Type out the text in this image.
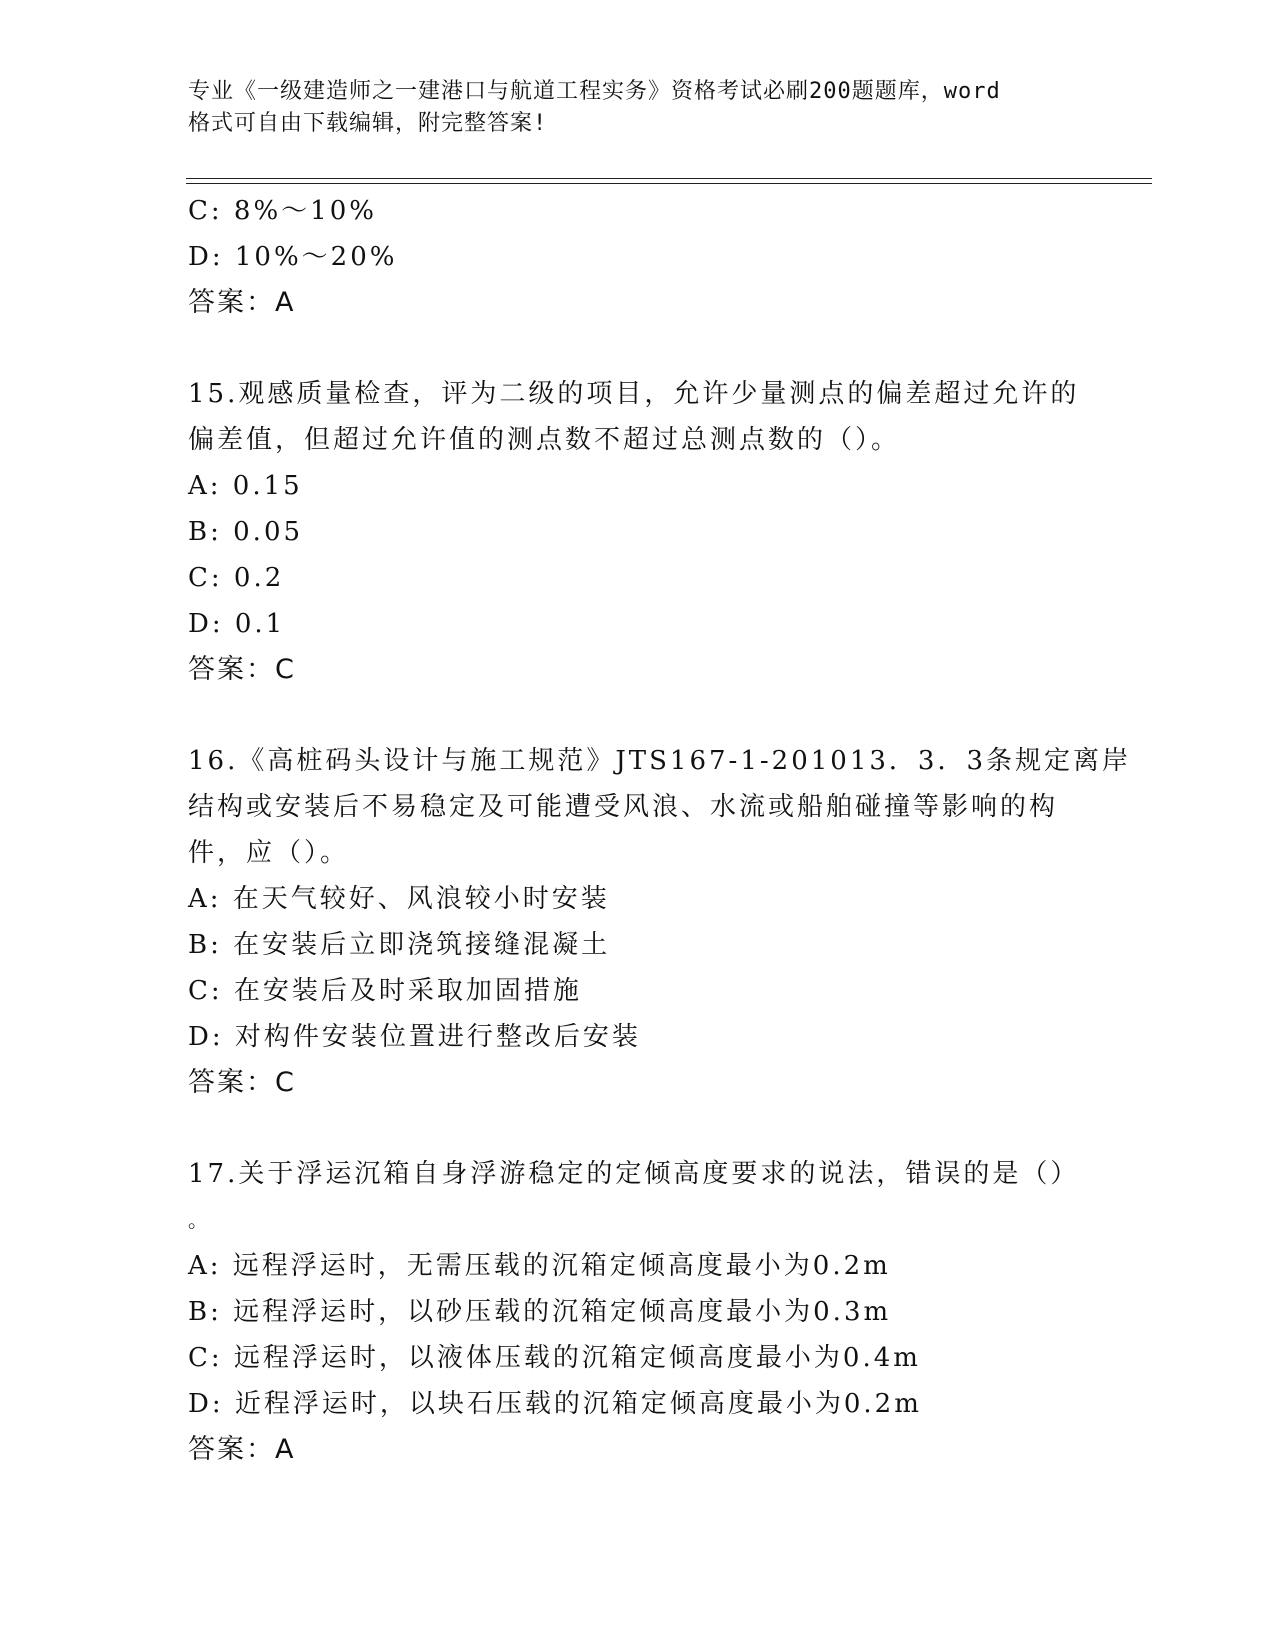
专业《一级建造师之一建港口与航道工程实务》资格考试必刷200题题库，word
格式可自由下载编辑，附完整答案!
C: 8%～10%
D: 10%～20%
答案：A
15.观感质量检查，评为二级的项目，允许少量测点的偏差超过允许的
偏差值，但超过允许值的测点数不超过总测点数的（）。
A: 0.15
B: 0.05
C: 0.2
D: 0.1
答案：C
16.《高桩码头设计与施工规范》JTS167-1-201013．3．3条规定离岸
结构或安装后不易稳定及可能遭受风浪、水流或船舶碰撞等影响的构
件，应（）。
A: 在天气较好、风浪较小时安装
B: 在安装后立即浇筑接缝混凝土
C: 在安装后及时采取加固措施
D: 对构件安装位置进行整改后安装
答案：C
17.关于浮运沉箱自身浮游稳定的定倾高度要求的说法，错误的是（）
。
A: 远程浮运时，无需压载的沉箱定倾高度最小为0.2m
B: 远程浮运时，以砂压载的沉箱定倾高度最小为0.3m
C: 远程浮运时，以液体压载的沉箱定倾高度最小为0.4m
D: 近程浮运时，以块石压载的沉箱定倾高度最小为0.2m
答案：A
